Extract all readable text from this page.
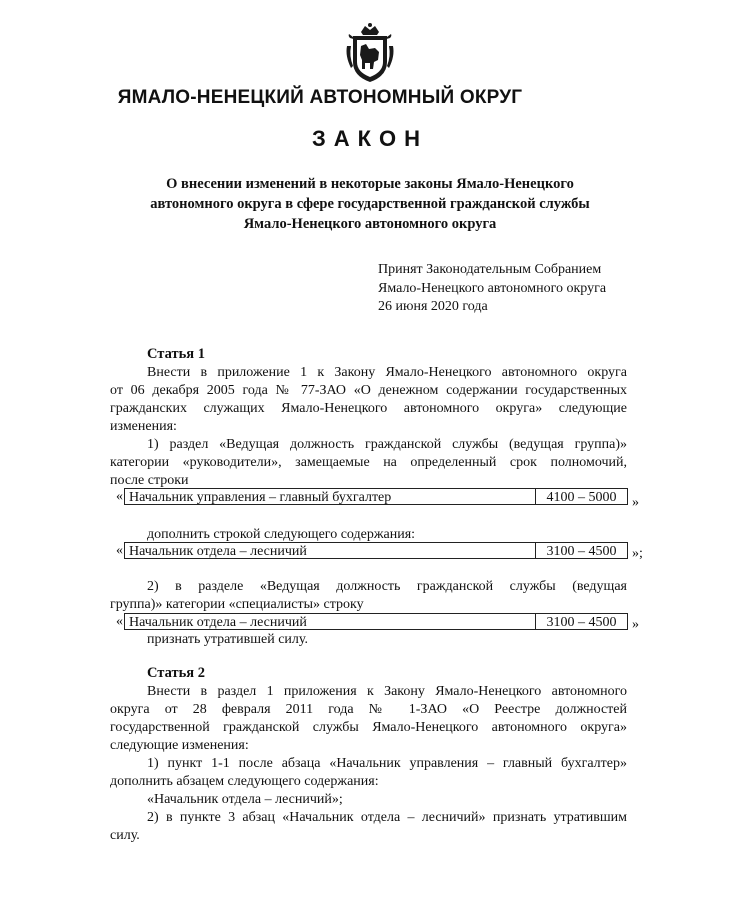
ЯМАЛО-НЕНЕЦКИЙ АВТОНОМНЫЙ ОКРУГ
ЗАКОН
О внесении изменений в некоторые законы Ямало-Ненецкого
автономного округа в сфере государственной гражданской службы
Ямало-Ненецкого автономного округа
Принят Законодательным Собранием
Ямало-Ненецкого автономного округа
26 июня 2020 года
Статья 1
Внести в приложение 1 к Закону Ямало-Ненецкого автономного округа
от 06 декабря 2005 года № 77-ЗАО «О денежном содержании государственных
гражданских служащих Ямало-Ненецкого автономного округа» следующие
изменения:
1) раздел «Ведущая должность гражданской службы (ведущая группа)»
категории «руководители», замещаемые на определенный срок полномочий,
после строки
« Начальник управления – главный бухгалтер	4100 – 5000	»
дополнить строкой следующего содержания:
« Начальник отдела – лесничий	3100 – 4500	»;
2) в разделе «Ведущая должность гражданской службы (ведущая
группа)» категории «специалисты» строку
« Начальник отдела – лесничий	3100 – 4500	»
признать утратившей силу.
Статья 2
Внести в раздел 1 приложения к Закону Ямало-Ненецкого автономного
округа от 28 февраля 2011 года № 1-ЗАО «О Реестре должностей
государственной гражданской службы Ямало-Ненецкого автономного округа»
следующие изменения:
1) пункт 1-1 после абзаца «Начальник управления – главный бухгалтер»
дополнить абзацем следующего содержания:
«Начальник отдела – лесничий»;
2) в пункте 3 абзац «Начальник отдела – лесничий» признать утратившим
силу.
